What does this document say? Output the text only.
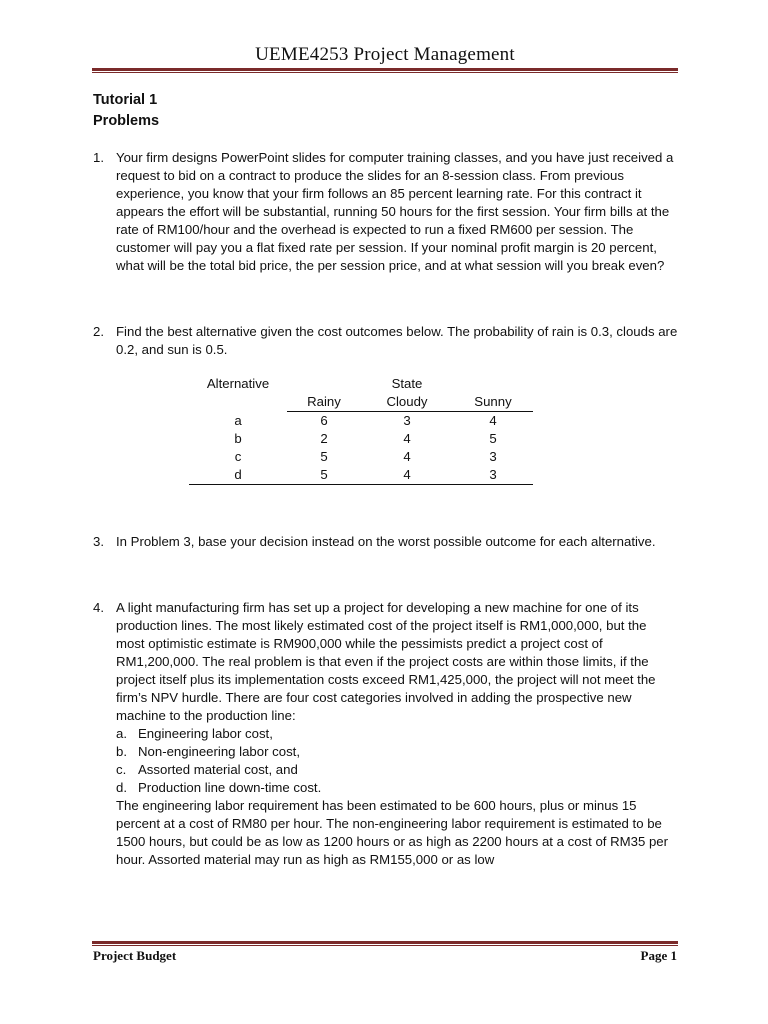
UEME4253 Project Management
Tutorial 1
Problems
1. Your firm designs PowerPoint slides for computer training classes, and you have just received a request to bid on a contract to produce the slides for an 8-session class. From previous experience, you know that your firm follows an 85 percent learning rate. For this contract it appears the effort will be substantial, running 50 hours for the first session. Your firm bills at the rate of RM100/hour and the overhead is expected to run a fixed RM600 per session. The customer will pay you a flat fixed rate per session. If your nominal profit margin is 20 percent, what will be the total bid price, the per session price, and at what session will you break even?
2. Find the best alternative given the cost outcomes below. The probability of rain is 0.3, clouds are 0.2, and sun is 0.5.
Alternative		State	
	Rainy	Cloudy	Sunny
a	6	3	4
b	2	4	5
c	5	4	3
d	5	4	3
3. In Problem 3, base your decision instead on the worst possible outcome for each alternative.
4. A light manufacturing firm has set up a project for developing a new machine for one of its production lines. The most likely estimated cost of the project itself is RM1,000,000, but the most optimistic estimate is RM900,000 while the pessimists predict a project cost of RM1,200,000. The real problem is that even if the project costs are within those limits, if the project itself plus its implementation costs exceed RM1,425,000, the project will not meet the firm’s NPV hurdle. There are four cost categories involved in adding the prospective new machine to the production line:
a. Engineering labor cost,
b. Non-engineering labor cost,
c. Assorted material cost, and
d. Production line down-time cost.
The engineering labor requirement has been estimated to be 600 hours, plus or minus 15 percent at a cost of RM80 per hour. The non-engineering labor requirement is estimated to be 1500 hours, but could be as low as 1200 hours or as high as 2200 hours at a cost of RM35 per hour. Assorted material may run as high as RM155,000 or as low
Project Budget	Page 1
